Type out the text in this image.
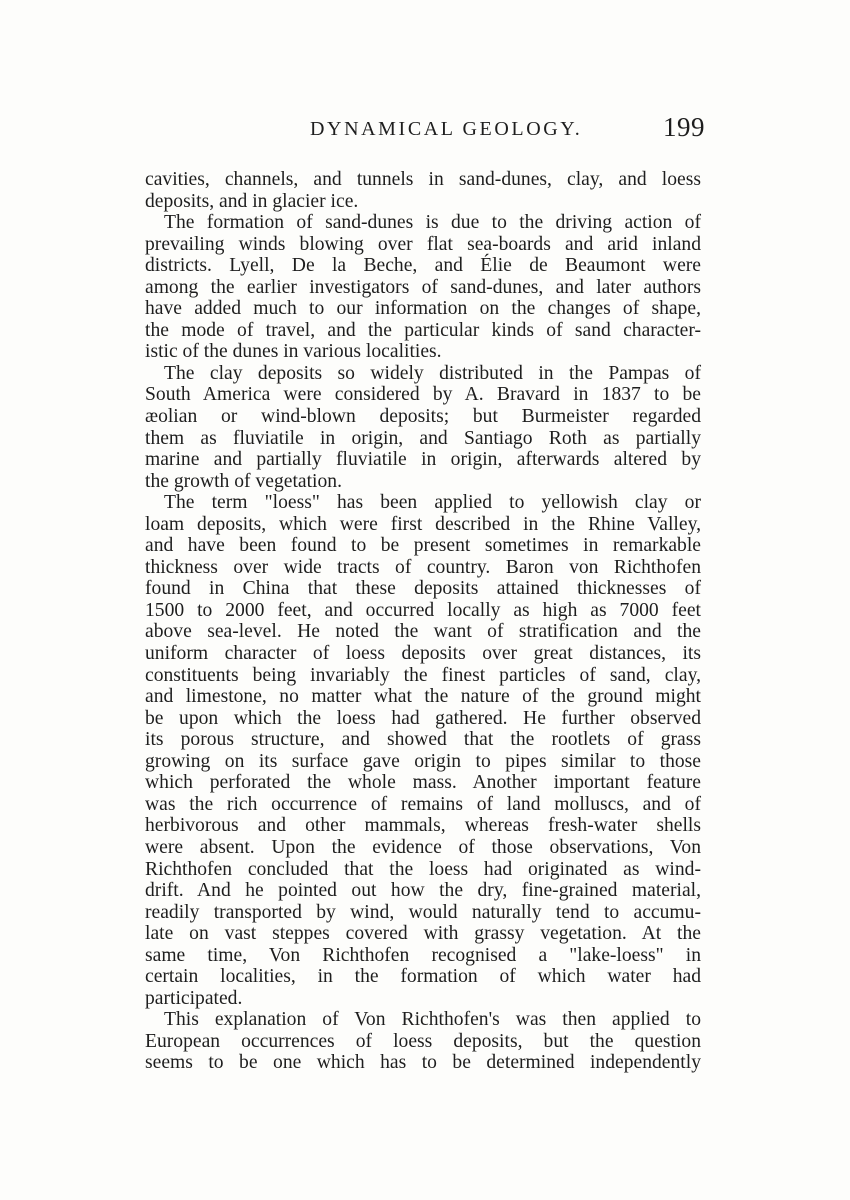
DYNAMICAL GEOLOGY.	199
cavities, channels, and tunnels in sand-dunes, clay, and loess
deposits, and in glacier ice.
The formation of sand-dunes is due to the driving action of
prevailing winds blowing over flat sea-boards and arid inland
districts. Lyell, De la Beche, and Élie de Beaumont were
among the earlier investigators of sand-dunes, and later authors
have added much to our information on the changes of shape,
the mode of travel, and the particular kinds of sand character-
istic of the dunes in various localities.
The clay deposits so widely distributed in the Pampas of
South America were considered by A. Bravard in 1837 to be
æolian or wind-blown deposits; but Burmeister regarded
them as fluviatile in origin, and Santiago Roth as partially
marine and partially fluviatile in origin, afterwards altered by
the growth of vegetation.
The term "loess" has been applied to yellowish clay or
loam deposits, which were first described in the Rhine Valley,
and have been found to be present sometimes in remarkable
thickness over wide tracts of country. Baron von Richthofen
found in China that these deposits attained thicknesses of
1500 to 2000 feet, and occurred locally as high as 7000 feet
above sea-level. He noted the want of stratification and the
uniform character of loess deposits over great distances, its
constituents being invariably the finest particles of sand, clay,
and limestone, no matter what the nature of the ground might
be upon which the loess had gathered. He further observed
its porous structure, and showed that the rootlets of grass
growing on its surface gave origin to pipes similar to those
which perforated the whole mass. Another important feature
was the rich occurrence of remains of land molluscs, and of
herbivorous and other mammals, whereas fresh-water shells
were absent. Upon the evidence of those observations, Von
Richthofen concluded that the loess had originated as wind-
drift. And he pointed out how the dry, fine-grained material,
readily transported by wind, would naturally tend to accumu-
late on vast steppes covered with grassy vegetation. At the
same time, Von Richthofen recognised a "lake-loess" in
certain localities, in the formation of which water had
participated.
This explanation of Von Richthofen's was then applied to
European occurrences of loess deposits, but the question
seems to be one which has to be determined independently
